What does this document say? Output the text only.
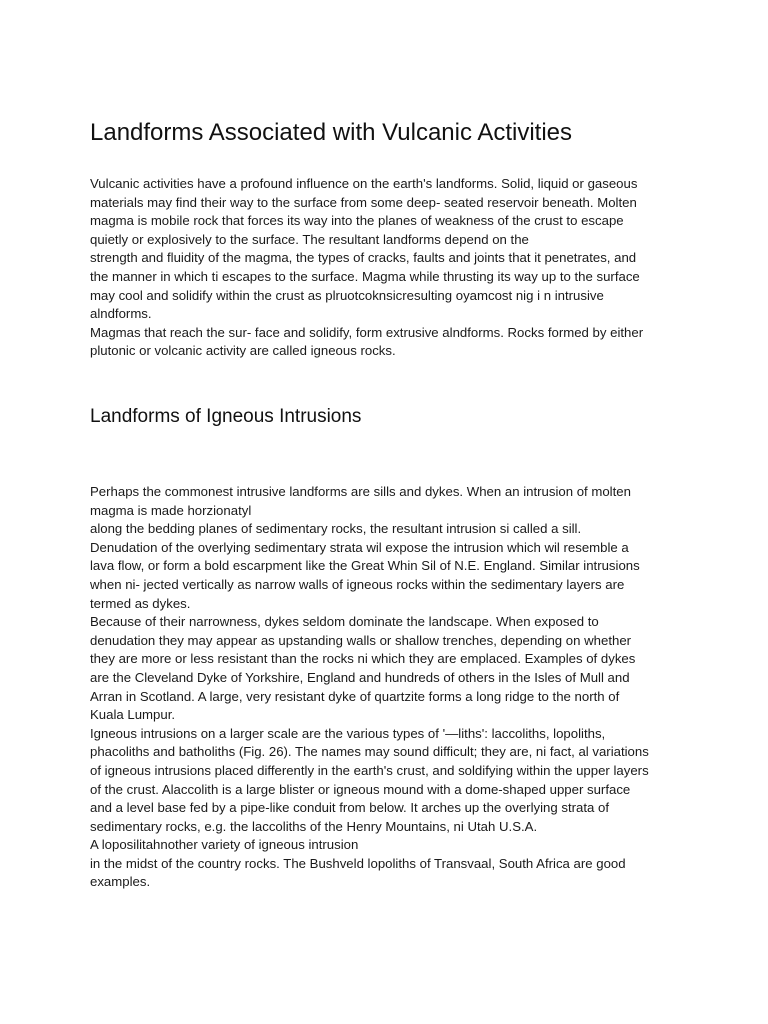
Landforms Associated with Vulcanic Activities
Vulcanic activities have a profound influence on the earth's landforms. Solid, liquid or gaseous
materials may find their way to the surface from some deep- seated reservoir beneath. Molten
magma is mobile rock that forces its way into the planes of weakness of the crust to escape
quietly or explosively to the surface. The resultant landforms depend on the
strength and fluidity of the magma, the types of cracks, faults and joints that it penetrates, and
the manner in which ti escapes to the surface. Magma while thrusting its way up to the surface
may cool and solidify within the crust as plruotcoknsicresulting oyamcost nig i n intrusive
alndforms.
Magmas that reach the sur- face and solidify, form extrusive alndforms. Rocks formed by either
plutonic or volcanic activity are called igneous rocks.
Landforms of Igneous Intrusions
Perhaps the commonest intrusive landforms are sills and dykes. When an intrusion of molten
magma is made horzionatyl
along the bedding planes of sedimentary rocks, the resultant intrusion si called a sill.
Denudation of the overlying sedimentary strata wil expose the intrusion which wil resemble a
lava flow, or form a bold escarpment like the Great Whin Sil of N.E. England. Similar intrusions
when ni- jected vertically as narrow walls of igneous rocks within the sedimentary layers are
termed as dykes.
Because of their narrowness, dykes seldom dominate the landscape. When exposed to
denudation they may appear as upstanding walls or shallow trenches, depending on whether
they are more or less resistant than the rocks ni which they are emplaced. Examples of dykes
are the Cleveland Dyke of Yorkshire, England and hundreds of others in the Isles of Mull and
Arran in Scotland. A large, very resistant dyke of quartzite forms a long ridge to the north of
Kuala Lumpur.
Igneous intrusions on a larger scale are the various types of '—liths': laccoliths, lopoliths,
phacoliths and batholiths (Fig. 26). The names may sound difficult; they are, ni fact, al variations
of igneous intrusions placed differently in the earth's crust, and soldifying within the upper layers
of the crust. Alaccolith is a large blister or igneous mound with a dome-shaped upper surface
and a level base fed by a pipe-like conduit from below. It arches up the overlying strata of
sedimentary rocks, e.g. the laccoliths of the Henry Mountains, ni Utah U.S.A.
A loposilitahnother variety of igneous intrusion
in the midst of the country rocks. The Bushveld lopoliths of Transvaal, South Africa are good
examples.
